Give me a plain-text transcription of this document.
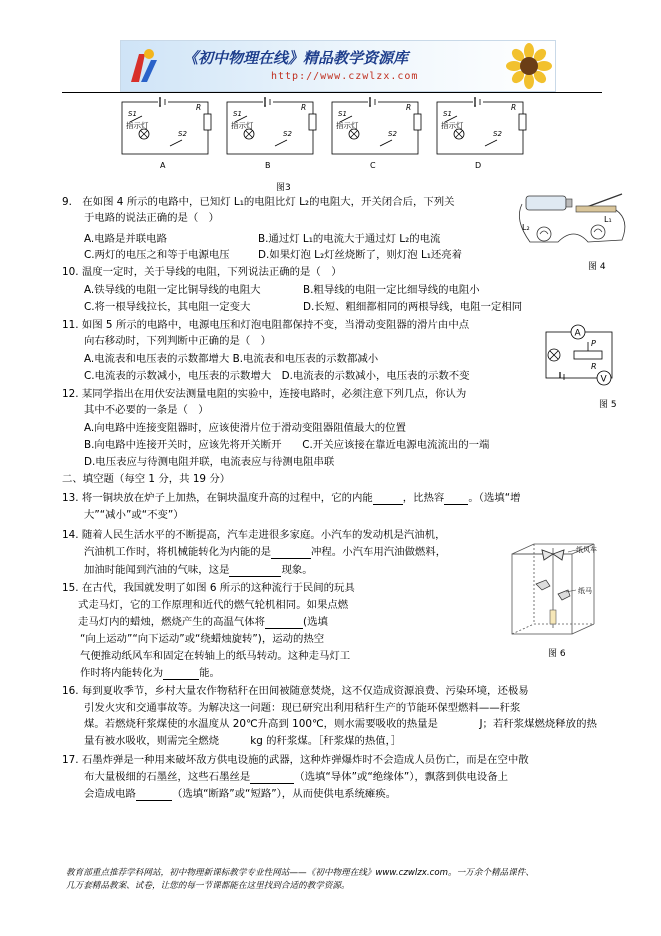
《初中物理在线》精品教学资源库
http://www.czwlzx.com
S1
指示灯
S2
R
A
S1
指示灯
S2
R
B
S1
指示灯
S2
R
C
S1
指示灯
S2
R
D
图3
9.　在如图 4 所示的电路中，已知灯 L₁的电阻比灯 L₂的电阻大，开关闭合后，下列关
于电路的说法正确的是（　）
A.电路是并联电路	B.通过灯 L₁的电流大于通过灯 L₂的电流
C.两灯的电压之和等于电源电压	D.如果灯泡 L₂灯丝烧断了，则灯泡 L₁还亮着
L₂
L₁
图 4
10. 温度一定时，关于导线的电阻，下列说法正确的是（　）
A.铁导线的电阻一定比铜导线的电阻大	B.粗导线的电阻一定比细导线的电阻小
C.将一根导线拉长，其电阻一定变大	D.长短、粗细都相同的两根导线，电阻一定相同
11. 如图 5 所示的电路中，电源电压和灯泡电阻都保持不变，当滑动变阻器的滑片由中点
向右移动时，下列判断中正确的是（　）
A.电流表和电压表的示数都增大 B.电流表和电压表的示数都减小
C.电流表的示数减小，电压表的示数增大　D.电流表的示数减小，电压表的示数不变
A
P
R
V
图 5
12. 某同学指出在用伏安法测量电阻的实验中，连接电路时，必须注意下列几点，你认为
其中不必要的一条是（　）
A.向电路中连接变阻器时，应该使滑片位于滑动变阻器阻值最大的位置
B.向电路中连接开关时，应该先将开关断开　　C.开关应该接在靠近电源电流流出的一端
D.电压表应与待测电阻并联，电流表应与待测电阻串联
二、填空题（每空 1 分，共 19 分）
13. 将一铜块放在炉子上加热，在铜块温度升高的过程中，它的内能	，比热容 。（选填“增
大”“减小”或“不变”）
14. 随着人民生活水平的不断提高，汽车走进很多家庭。小汽车的发动机是汽油机，
汽油机工作时，将机械能转化为内能的是	冲程。小汽车用汽油做燃料，
加油时能闻到汽油的气味，这是	现象。
15. 在古代，我国就发明了如图 6 所示的这种流行于民间的玩具
式走马灯，它的工作原理和近代的燃气轮机相同。如果点燃
走马灯内的蜡烛，燃烧产生的高温气体将	(选填
“向上运动”“向下运动”或“绕蜡烛旋转”)，运动的热空
气便推动纸风车和固定在转轴上的纸马转动。这种走马灯工
作时将内能转化为	能。
纸风车
纸马
图 6
16. 每到夏收季节，乡村大量农作物秸秆在田间被随意焚烧，这不仅造成资源浪费、污染环境，还极易
引发火灾和交通事故等。为解决这一问题：现已研究出利用秸秆生产的节能环保型燃料——秆浆
煤。若燃烧秆浆煤使的水温度从 20℃升高到 100℃，则水需要吸收的热量是　　　　J；若秆浆煤燃烧释放的热
量有被水吸收，则需完全燃烧　　　kg 的秆浆煤。［秆浆煤的热值，］
17. 石墨炸弹是一种用来破坏敌方供电设施的武器，这种炸弹爆炸时不会造成人员伤亡，而是在空中散
布大量极细的石墨丝，这些石墨丝是	（选填“导体”或“绝缘体”），飘落到供电设备上
会造成电路	（选填“断路”或“短路”），从而使供电系统瘫痪。
教育部重点推荐学科网站，初中物理新课标教学专业性网站——《初中物理在线》www.czwlzx.com。一万余个精品课件、
几万套精品教案、试卷，让您的每一节课都能在这里找到合适的教学资源。
